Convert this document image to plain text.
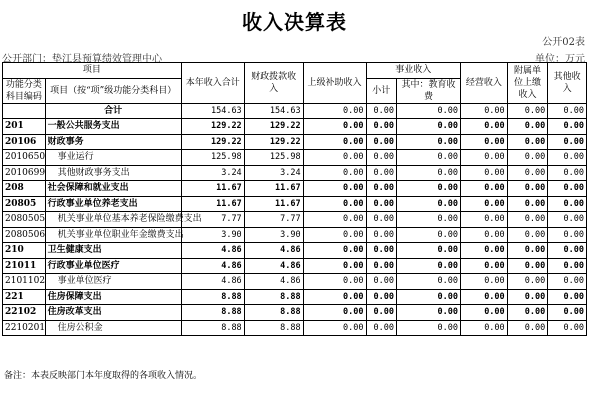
收入决算表
公开02表
公开部门：垫江县预算绩效管理中心	单位：万元
项目		本年收入合计	财政拨款收入	上级补助收入	事业收入		经营收入	附属单位上缴收入	其他收入
功能分类科目编码	项目（按“项”级功能分类科目）				小计	其中：教育收费			

	合计	154.63	154.63	0.00	0.00	0.00	0.00	0.00	0.00
201	一般公共服务支出	129.22	129.22	0.00	0.00	0.00	0.00	0.00	0.00
20106	财政事务	129.22	129.22	0.00	0.00	0.00	0.00	0.00	0.00
2010650	事业运行	125.98	125.98	0.00	0.00	0.00	0.00	0.00	0.00
2010699	其他财政事务支出	3.24	3.24	0.00	0.00	0.00	0.00	0.00	0.00
208	社会保障和就业支出	11.67	11.67	0.00	0.00	0.00	0.00	0.00	0.00
20805	行政事业单位养老支出	11.67	11.67	0.00	0.00	0.00	0.00	0.00	0.00
2080505	机关事业单位基本养老保险缴费支出	7.77	7.77	0.00	0.00	0.00	0.00	0.00	0.00
2080506	机关事业单位职业年金缴费支出	3.90	3.90	0.00	0.00	0.00	0.00	0.00	0.00
210	卫生健康支出	4.86	4.86	0.00	0.00	0.00	0.00	0.00	0.00
21011	行政事业单位医疗	4.86	4.86	0.00	0.00	0.00	0.00	0.00	0.00
2101102	事业单位医疗	4.86	4.86	0.00	0.00	0.00	0.00	0.00	0.00
221	住房保障支出	8.88	8.88	0.00	0.00	0.00	0.00	0.00	0.00
22102	住房改革支出	8.88	8.88	0.00	0.00	0.00	0.00	0.00	0.00
2210201	住房公积金	8.88	8.88	0.00	0.00	0.00	0.00	0.00	0.00
备注：本表反映部门本年度取得的各项收入情况。
